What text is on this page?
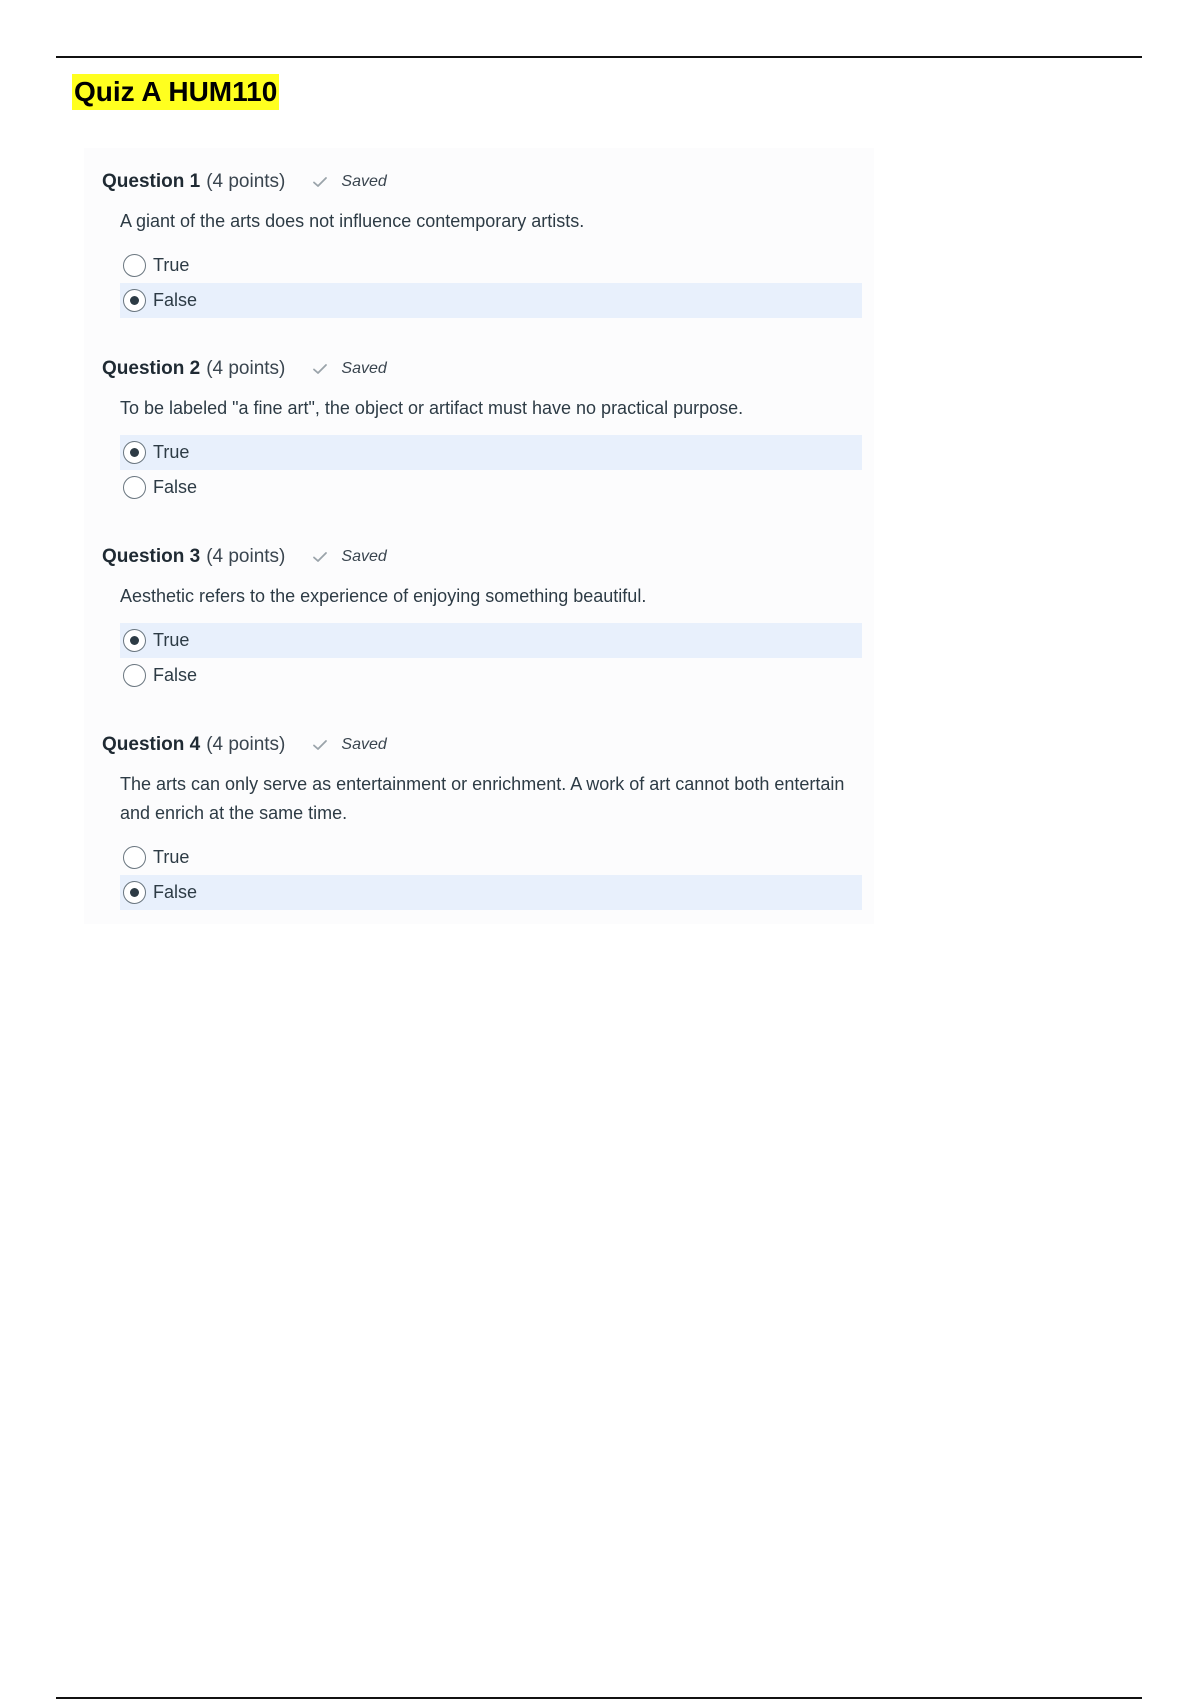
Quiz A HUM110
Question 1 (4 points)	Saved
A giant of the arts does not influence contemporary artists.
True
False
Question 2 (4 points)	Saved
To be labeled "a fine art", the object or artifact must have no practical purpose.
True
False
Question 3 (4 points)	Saved
Aesthetic refers to the experience of enjoying something beautiful.
True
False
Question 4 (4 points)	Saved
The arts can only serve as entertainment or enrichment. A work of art cannot both entertain and enrich at the same time.
True
False
